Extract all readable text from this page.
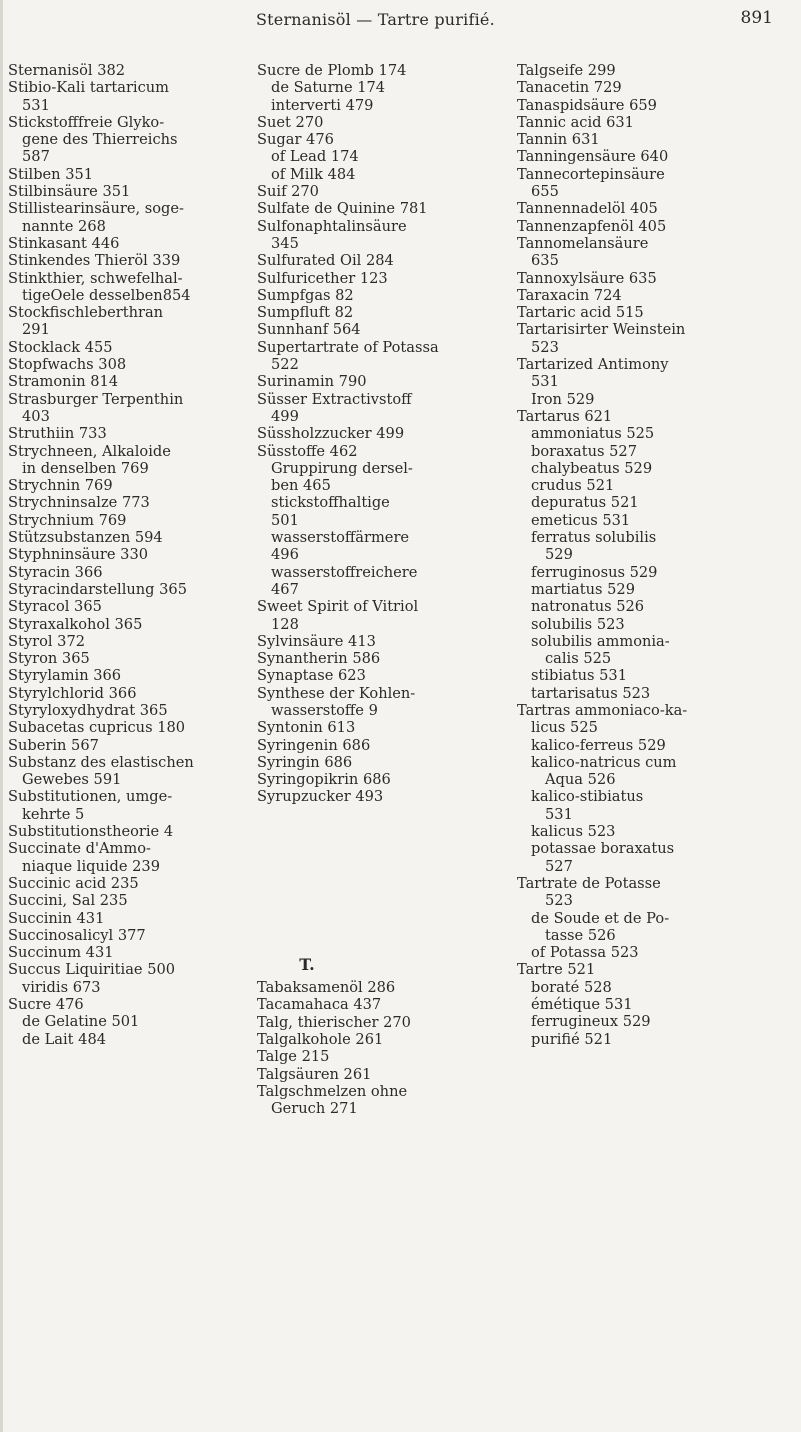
Sternanisöl — Tartre purifié.	891
Sternanisöl 382
Stibio-Kali tartaricum
531
Stickstofffreie Glyko-
gene des Thierreichs
587
Stilben 351
Stilbinsäure 351
Stillistearinsäure, soge-
nannte 268
Stinkasant 446
Stinkendes Thieröl 339
Stinkthier, schwefelhal-
tigeOele desselben854
Stockfischleberthran
291
Stocklack 455
Stopfwachs 308
Stramonin 814
Strasburger Terpenthin
403
Struthiin 733
Strychneen, Alkaloide
in denselben 769
Strychnin 769
Strychninsalze 773
Strychnium 769
Stützsubstanzen 594
Styphninsäure 330
Styracin 366
Styracindarstellung 365
Styracol 365
Styraxalkohol 365
Styrol 372
Styron 365
Styrylamin 366
Styrylchlorid 366
Styryloxydhydrat 365
Subacetas cupricus 180
Suberin 567
Substanz des elastischen
Gewebes 591
Substitutionen, umge-
kehrte 5
Substitutionstheorie 4
Succinate d'Ammo-
niaque liquide 239
Succinic acid 235
Succini, Sal 235
Succinin 431
Succinosalicyl 377
Succinum 431
Succus Liquiritiae 500
viridis 673
Sucre 476
de Gelatine 501
de Lait 484
Sucre de Plomb 174
de Saturne 174
interverti 479
Suet 270
Sugar 476
of Lead 174
of Milk 484
Suif 270
Sulfate de Quinine 781
Sulfonaphtalinsäure
345
Sulfurated Oil 284
Sulfuricether 123
Sumpfgas 82
Sumpfluft 82
Sunnhanf 564
Supertartrate of Potassa
522
Surinamin 790
Süsser Extractivstoff
499
Süssholzzucker 499
Süsstoffe 462
Gruppirung dersel-
ben 465
stickstoffhaltige
501
wasserstoffärmere
496
wasserstoffreichere
467
Sweet Spirit of Vitriol
128
Sylvinsäure 413
Synantherin 586
Synaptase 623
Synthese der Kohlen-
wasserstoffe 9
Syntonin 613
Syringenin 686
Syringin 686
Syringopikrin 686
Syrupzucker 493
T.
Tabaksamenöl 286
Tacamahaca 437
Talg, thierischer 270
Talgalkohole 261
Talge 215
Talgsäuren 261
Talgschmelzen ohne
Geruch 271
Talgseife 299
Tanacetin 729
Tanaspidsäure 659
Tannic acid 631
Tannin 631
Tanningensäure 640
Tannecortepinsäure
655
Tannennadelöl 405
Tannenzapfenöl 405
Tannomelansäure
635
Tannoxylsäure 635
Taraxacin 724
Tartaric acid 515
Tartarisirter Weinstein
523
Tartarized Antimony
531
Iron 529
Tartarus 621
ammoniatus 525
boraxatus 527
chalybeatus 529
crudus 521
depuratus 521
emeticus 531
ferratus solubilis
529
ferruginosus 529
martiatus 529
natronatus 526
solubilis 523
solubilis ammonia-
calis 525
stibiatus 531
tartarisatus 523
Tartras ammoniaco-ka-
licus 525
kalico-ferreus 529
kalico-natricus cum
Aqua 526
kalico-stibiatus
531
kalicus 523
potassae boraxatus
527
Tartrate de Potasse
523
de Soude et de Po-
tasse 526
of Potassa 523
Tartre 521
boraté 528
émétique 531
ferrugineux 529
purifié 521
